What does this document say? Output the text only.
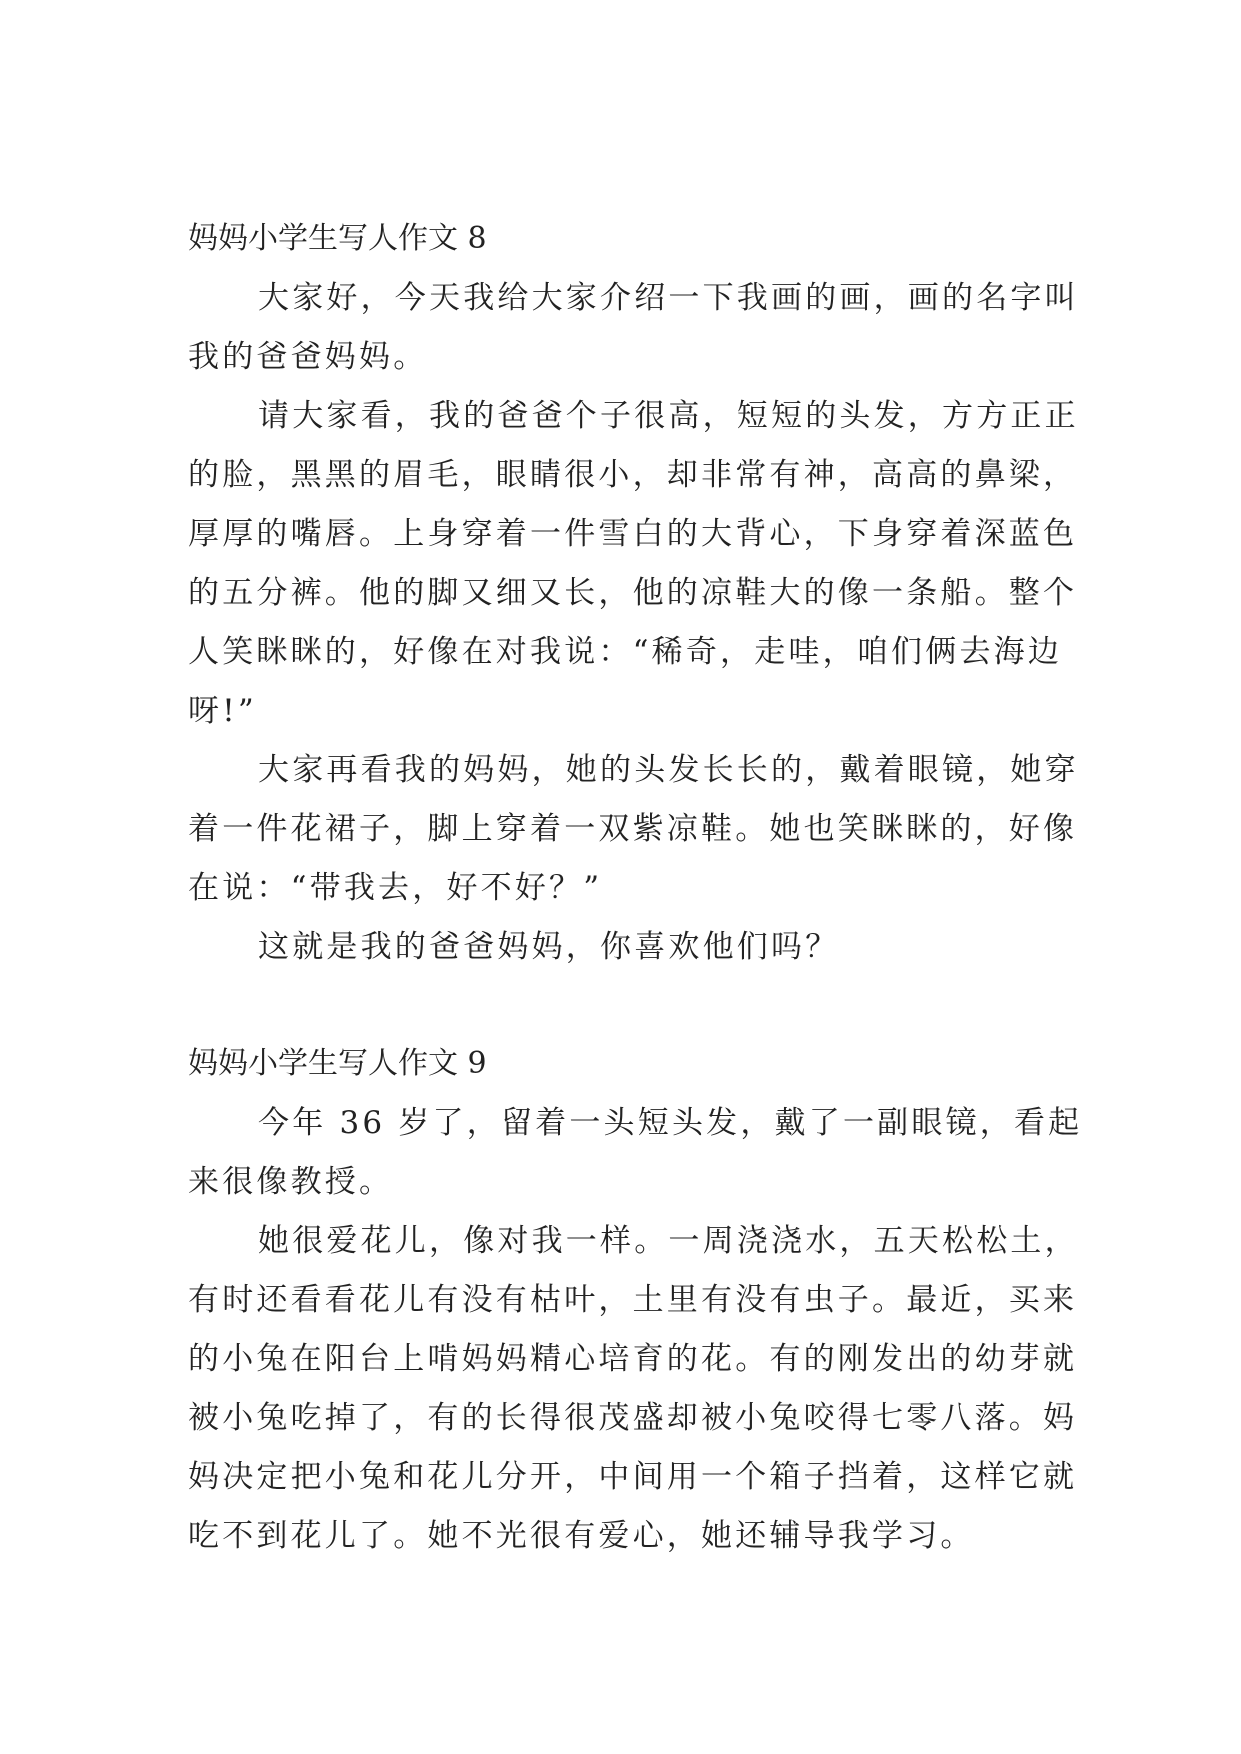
妈妈小学生写人作文 8
大家好，今天我给大家介绍一下我画的画，画的名字叫
我的爸爸妈妈。
请大家看，我的爸爸个子很高，短短的头发，方方正正
的脸，黑黑的眉毛，眼睛很小，却非常有神，高高的鼻梁，
厚厚的嘴唇。上身穿着一件雪白的大背心，下身穿着深蓝色
的五分裤。他的脚又细又长，他的凉鞋大的像一条船。整个
人笑眯眯的，好像在对我说：“稀奇，走哇，咱们俩去海边
呀!”
大家再看我的妈妈，她的头发长长的，戴着眼镜，她穿
着一件花裙子，脚上穿着一双紫凉鞋。她也笑眯眯的，好像
在说：“带我去，好不好？”
这就是我的爸爸妈妈，你喜欢他们吗？
妈妈小学生写人作文 9
今年 36 岁了，留着一头短头发，戴了一副眼镜，看起
来很像教授。
她很爱花儿，像对我一样。一周浇浇水，五天松松土，
有时还看看花儿有没有枯叶，土里有没有虫子。最近，买来
的小兔在阳台上啃妈妈精心培育的花。有的刚发出的幼芽就
被小兔吃掉了，有的长得很茂盛却被小兔咬得七零八落。妈
妈决定把小兔和花儿分开，中间用一个箱子挡着，这样它就
吃不到花儿了。她不光很有爱心，她还辅导我学习。
